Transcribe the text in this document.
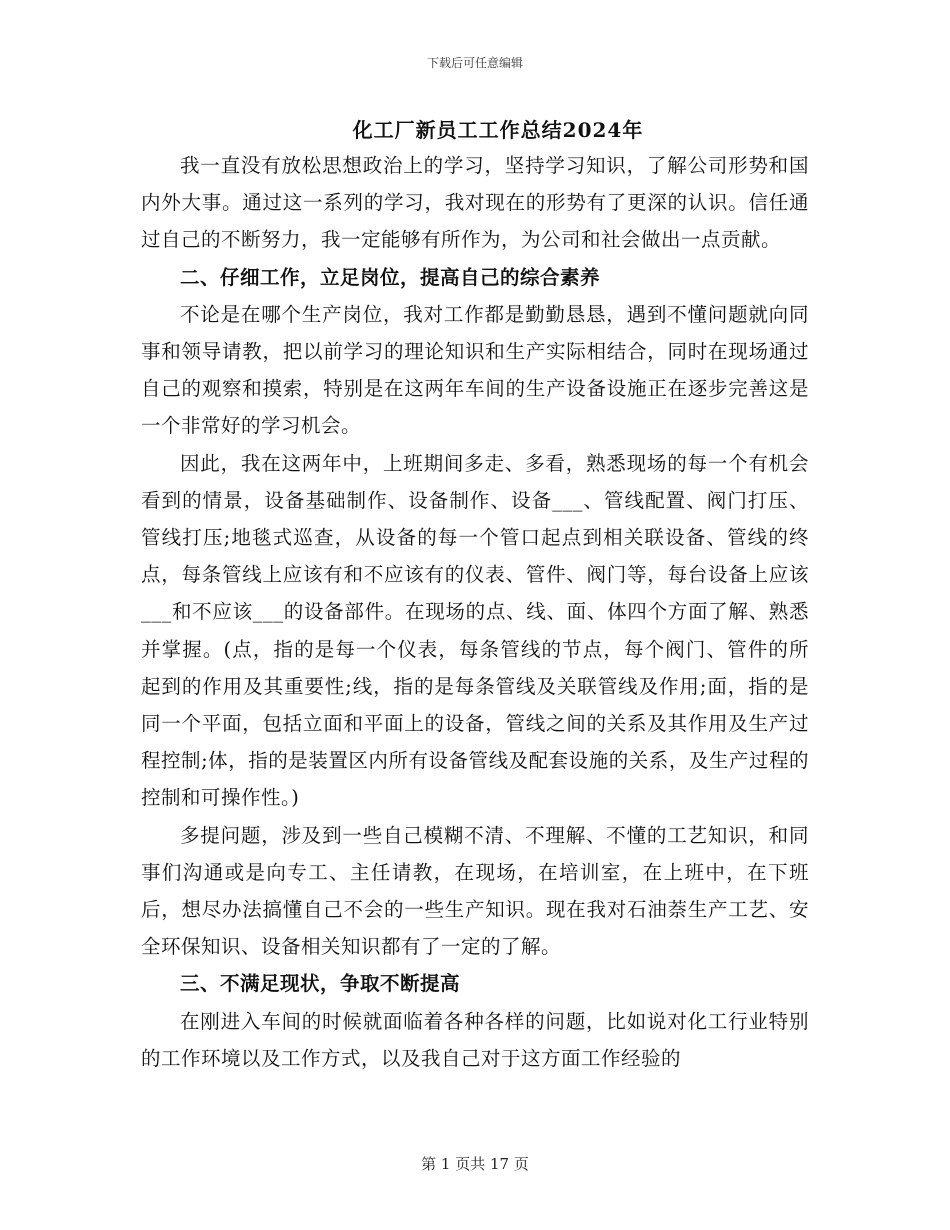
下载后可任意编辑
化工厂新员工工作总结2024年

我一直没有放松思想政治上的学习，坚持学习知识，了解公司形势和国内外大事。通过这一系列的学习，我对现在的形势有了更深的认识。信任通过自己的不断努力，我一定能够有所作为，为公司和社会做出一点贡献。

二、仔细工作，立足岗位，提高自己的综合素养

不论是在哪个生产岗位，我对工作都是勤勤恳恳，遇到不懂问题就向同事和领导请教，把以前学习的理论知识和生产实际相结合，同时在现场通过自己的观察和摸索，特别是在这两年车间的生产设备设施正在逐步完善这是一个非常好的学习机会。

因此，我在这两年中，上班期间多走、多看，熟悉现场的每一个有机会看到的情景，设备基础制作、设备制作、设备___、管线配置、阀门打压、管线打压;地毯式巡查，从设备的每一个管口起点到相关联设备、管线的终点，每条管线上应该有和不应该有的仪表、管件、阀门等，每台设备上应该___和不应该___的设备部件。在现场的点、线、面、体四个方面了解、熟悉并掌握。(点，指的是每一个仪表，每条管线的节点，每个阀门、管件的所起到的作用及其重要性;线，指的是每条管线及关联管线及作用;面，指的是同一个平面，包括立面和平面上的设备，管线之间的关系及其作用及生产过程控制;体，指的是装置区内所有设备管线及配套设施的关系，及生产过程的控制和可操作性。)

多提问题，涉及到一些自己模糊不清、不理解、不懂的工艺知识，和同事们沟通或是向专工、主任请教，在现场，在培训室，在上班中，在下班后，想尽办法搞懂自己不会的一些生产知识。现在我对石油萘生产工艺、安全环保知识、设备相关知识都有了一定的了解。

三、不满足现状，争取不断提高

在刚进入车间的时候就面临着各种各样的问题，比如说对化工行业特别的工作环境以及工作方式，以及我自己对于这方面工作经验的

第 1 页共 17 页
